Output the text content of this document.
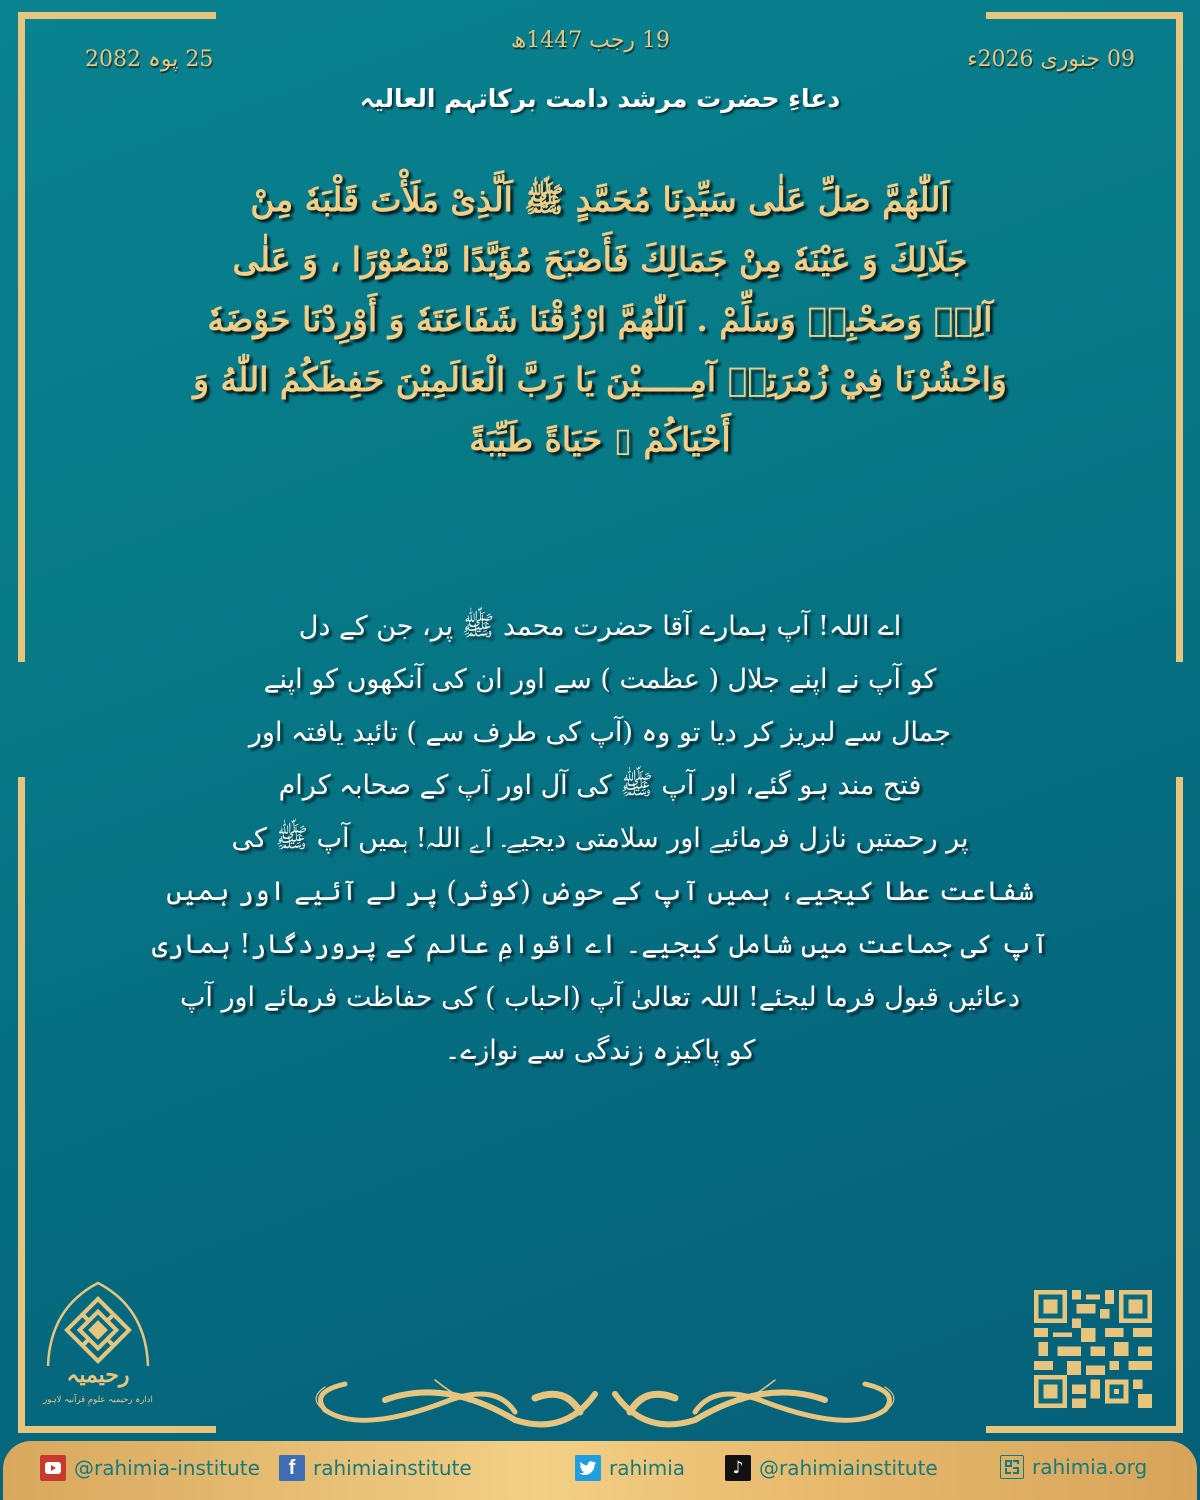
19 رجب 1447ھ
09 جنوری 2026ء
25 پوہ 2082
دعاءِ حضرت مرشد دامت برکاتہم العالیہ
اَللّٰهُمَّ صَلِّ عَلٰى سَيِّدِنَا مُحَمَّدٍ ﷺ اَلَّذِىْ مَلَأْتَ قَلْبَهٗ مِنْ
جَلَالِكَ وَ عَيْنَهٗ مِنْ جَمَالِكَ فَأَصْبَحَ مُؤَيَّدًا مَّنْصُوْرًا ، وَ عَلٰى
آلِهٖ وَصَحْبِهٖ وَسَلِّمْ . اَللّٰهُمَّ ارْزُقْنَا شَفَاعَتَهٗ وَ أَوْرِدْنَا حَوْضَهٗ
وَاحْشُرْنَا فِيْ زُمْرَتِهٖ آمِـــــيْنَ يَا رَبَّ الْعَالَمِيْنَ حَفِظَكُمُ اللّٰهُ وَ
أَحْيَاكُمْ ▯ حَيَاةً طَيِّبَةً
اے اللہ! آپ ہمارے آقا حضرت محمد ﷺ پر، جن کے دل
کو آپ نے اپنے جلال ( عظمت ) سے اور ان کی آنکھوں کو اپنے
جمال سے لبریز کر دیا تو وہ (آپ کی طرف سے ) تائید یافتہ اور
فتح مند ہو گئے، اور آپ ﷺ کی آل اور آپ کے صحابہ کرام
پر رحمتیں نازل فرمائیے اور سلامتی دیجیے۔ اے اللہ! ہمیں آپ ﷺ کی
شفاعت عطا کیجیے، ہمیں آپ کے حوض (کوثر) پر لے آئیے اور ہمیں
آپ کی جماعت میں شامل کیجیے۔ اے اقوامِ عالم کے پروردگار! ہماری
دعائیں قبول فرما لیجئے! اللہ تعالیٰ آپ (احباب ) کی حفاظت فرمائے اور آپ
کو پاکیزہ زندگی سے نوازے۔
رحیمیہ
ادارہ رحیمیہ علومِ قرآنیہ لاہور
@rahimia-institute	f rahimiainstitute	rahimia	♪ @rahimiainstitute	rahimia.org
